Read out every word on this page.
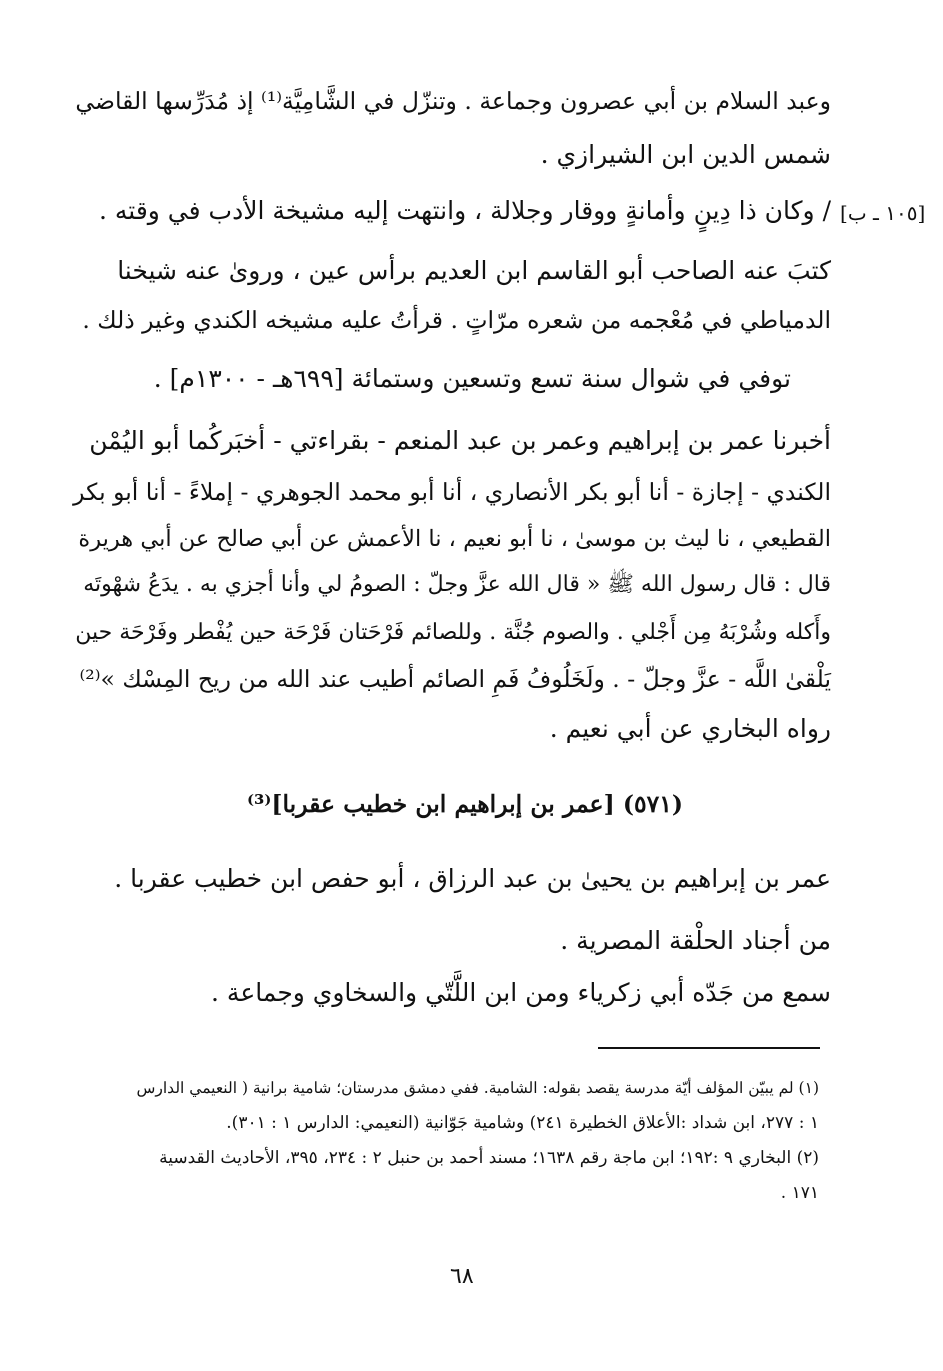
[١٠٥ ـ ب]
وعبد السلام بن أبي عصرون وجماعة . وتنزّل في الشَّامِيَّة⁽¹⁾ إذ مُدَرِّسها القاضي
شمس الدين ابن الشيرازي .
/ وكان ذا دِينٍ وأمانةٍ ووقار وجلالة ، وانتهت إليه مشيخة الأدب في وقته .
كتبَ عنه الصاحب أبو القاسم ابن العديم برأس عين ، وروىٰ عنه شيخنا
الدمياطي في مُعْجمه من شعره مرّاتٍ . قرأتُ عليه مشيخه الكندي وغير ذلك .
توفي في شوال سنة تسع وتسعين وستمائة [٦٩٩هـ - ١٣٠٠م] .
أخبرنا عمر بن إبراهيم وعمر بن عبد المنعم - بقراءتي - أخبَركُما أبو اليُمْن
الكندي - إجازة - أنا أبو بكر الأنصاري ، أنا أبو محمد الجوهري - إملاءً - أنا أبو بكر
القطيعي ، نا ليث بن موسىٰ ، نا أبو نعيم ، نا الأعمش عن أبي صالح عن أبي هريرة
قال : قال رسول الله ﷺ « قال الله عزَّ وجلّ : الصومُ لي وأنا أجزي به . يدَعُ شهْوتَه
وأَكله وشُرْبَهُ مِن أَجْلي . والصوم جُنَّة . وللصائم فَرْحَتان فَرْحَة حين يُفْطر وفَرْحَة حين
يَلْقىٰ اللَّه - عزَّ وجلّ - . ولَخَلُوفُ فَمِ الصائم أطيب عند الله من ريح المِسْك »⁽²⁾
رواه البخاري عن أبي نعيم .
(٥٧١) [عمر بن إبراهيم ابن خطيب عقربا]⁽³⁾
عمر بن إبراهيم بن يحيىٰ بن عبد الرزاق ، أبو حفص ابن خطيب عقربا .
من أجناد الحلْقة المصرية .
سمع من جَدّه أبي زكرياء ومن ابن اللَّتّي والسخاوي وجماعة .
(١) لم يبيّن المؤلف أيّة مدرسة يقصد بقوله: الشامية. ففي دمشق مدرستان؛ شامية برانية ( النعيمي الدارس
١ : ٢٧٧، ابن شداد :الأعلاق الخطيرة ٢٤١) وشامية جَوّانية (النعيمي: الدارس ١ : ٣٠١).
(٢) البخاري ٩ :١٩٢؛ ابن ماجة رقم ١٦٣٨؛ مسند أحمد بن حنبل ٢ : ٢٣٤، ٣٩٥، الأحاديث القدسية
١٧١ .
٦٨
